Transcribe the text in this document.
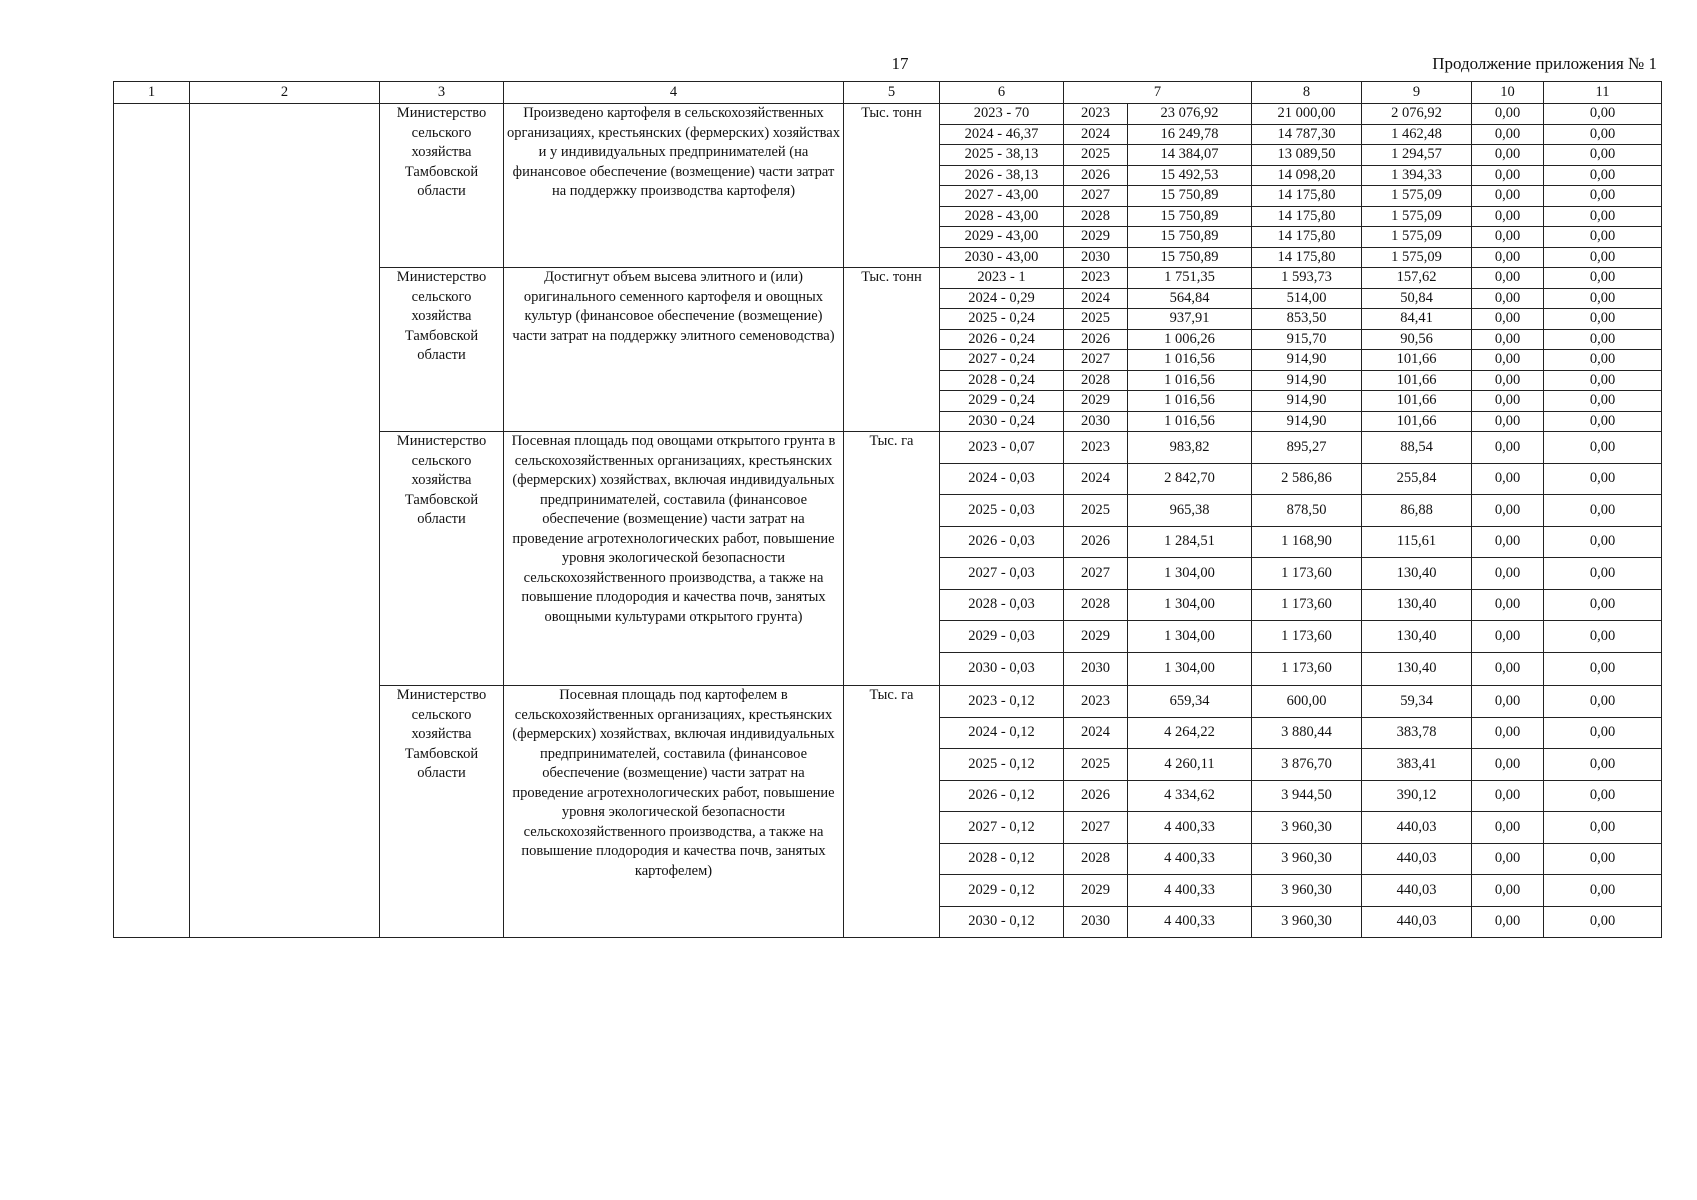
17	Продолжение приложения № 1
1	2	3	4	5	6	7		8	9	10	11
		Министерство сельского хозяйства Тамбовской области	Произведено картофеля в сельскохозяйственных организациях, крестьянских (фермерских) хозяйствах и у индивидуальных предпринимателей (на финансовое обеспечение (возмещение) части затрат на поддержку производства картофеля)	Тыс. тонн	2023 - 70	2023	23 076,92	21 000,00	2 076,92	0,00	0,00
					2024 - 46,37	2024	16 249,78	14 787,30	1 462,48	0,00	0,00
					2025 - 38,13	2025	14 384,07	13 089,50	1 294,57	0,00	0,00
					2026 - 38,13	2026	15 492,53	14 098,20	1 394,33	0,00	0,00
					2027 - 43,00	2027	15 750,89	14 175,80	1 575,09	0,00	0,00
					2028 - 43,00	2028	15 750,89	14 175,80	1 575,09	0,00	0,00
					2029 - 43,00	2029	15 750,89	14 175,80	1 575,09	0,00	0,00
					2030 - 43,00	2030	15 750,89	14 175,80	1 575,09	0,00	0,00
		Министерство сельского хозяйства Тамбовской области	Достигнут объем высева элитного и (или) оригинального семенного картофеля и овощных культур (финансовое обеспечение (возмещение) части затрат на поддержку элитного семеноводства)	Тыс. тонн	2023 - 1	2023	1 751,35	1 593,73	157,62	0,00	0,00
					2024 - 0,29	2024	564,84	514,00	50,84	0,00	0,00
					2025 - 0,24	2025	937,91	853,50	84,41	0,00	0,00
					2026 - 0,24	2026	1 006,26	915,70	90,56	0,00	0,00
					2027 - 0,24	2027	1 016,56	914,90	101,66	0,00	0,00
					2028 - 0,24	2028	1 016,56	914,90	101,66	0,00	0,00
					2029 - 0,24	2029	1 016,56	914,90	101,66	0,00	0,00
					2030 - 0,24	2030	1 016,56	914,90	101,66	0,00	0,00
		Министерство сельского хозяйства Тамбовской области	Посевная площадь под овощами открытого грунта в сельскохозяйственных организациях, крестьянских (фермерских) хозяйствах, включая индивидуальных предпринимателей, составила (финансовое обеспечение (возмещение) части затрат на проведение агротехнологических работ, повышение уровня экологической безопасности сельскохозяйственного производства, а также на повышение плодородия и качества почв, занятых овощными культурами открытого грунта)	Тыс. га	2023 - 0,07	2023	983,82	895,27	88,54	0,00	0,00
					2024 - 0,03	2024	2 842,70	2 586,86	255,84	0,00	0,00
					2025 - 0,03	2025	965,38	878,50	86,88	0,00	0,00
					2026 - 0,03	2026	1 284,51	1 168,90	115,61	0,00	0,00
					2027 - 0,03	2027	1 304,00	1 173,60	130,40	0,00	0,00
					2028 - 0,03	2028	1 304,00	1 173,60	130,40	0,00	0,00
					2029 - 0,03	2029	1 304,00	1 173,60	130,40	0,00	0,00
					2030 - 0,03	2030	1 304,00	1 173,60	130,40	0,00	0,00
		Министерство сельского хозяйства Тамбовской области	Посевная площадь под картофелем в сельскохозяйственных организациях, крестьянских (фермерских) хозяйствах, включая индивидуальных предпринимателей, составила (финансовое обеспечение (возмещение) части затрат на проведение агротехнологических работ, повышение уровня экологической безопасности сельскохозяйственного производства, а также на повышение плодородия и качества почв, занятых картофелем)	Тыс. га	2023 - 0,12	2023	659,34	600,00	59,34	0,00	0,00
					2024 - 0,12	2024	4 264,22	3 880,44	383,78	0,00	0,00
					2025 - 0,12	2025	4 260,11	3 876,70	383,41	0,00	0,00
					2026 - 0,12	2026	4 334,62	3 944,50	390,12	0,00	0,00
					2027 - 0,12	2027	4 400,33	3 960,30	440,03	0,00	0,00
					2028 - 0,12	2028	4 400,33	3 960,30	440,03	0,00	0,00
					2029 - 0,12	2029	4 400,33	3 960,30	440,03	0,00	0,00
					2030 - 0,12	2030	4 400,33	3 960,30	440,03	0,00	0,00
